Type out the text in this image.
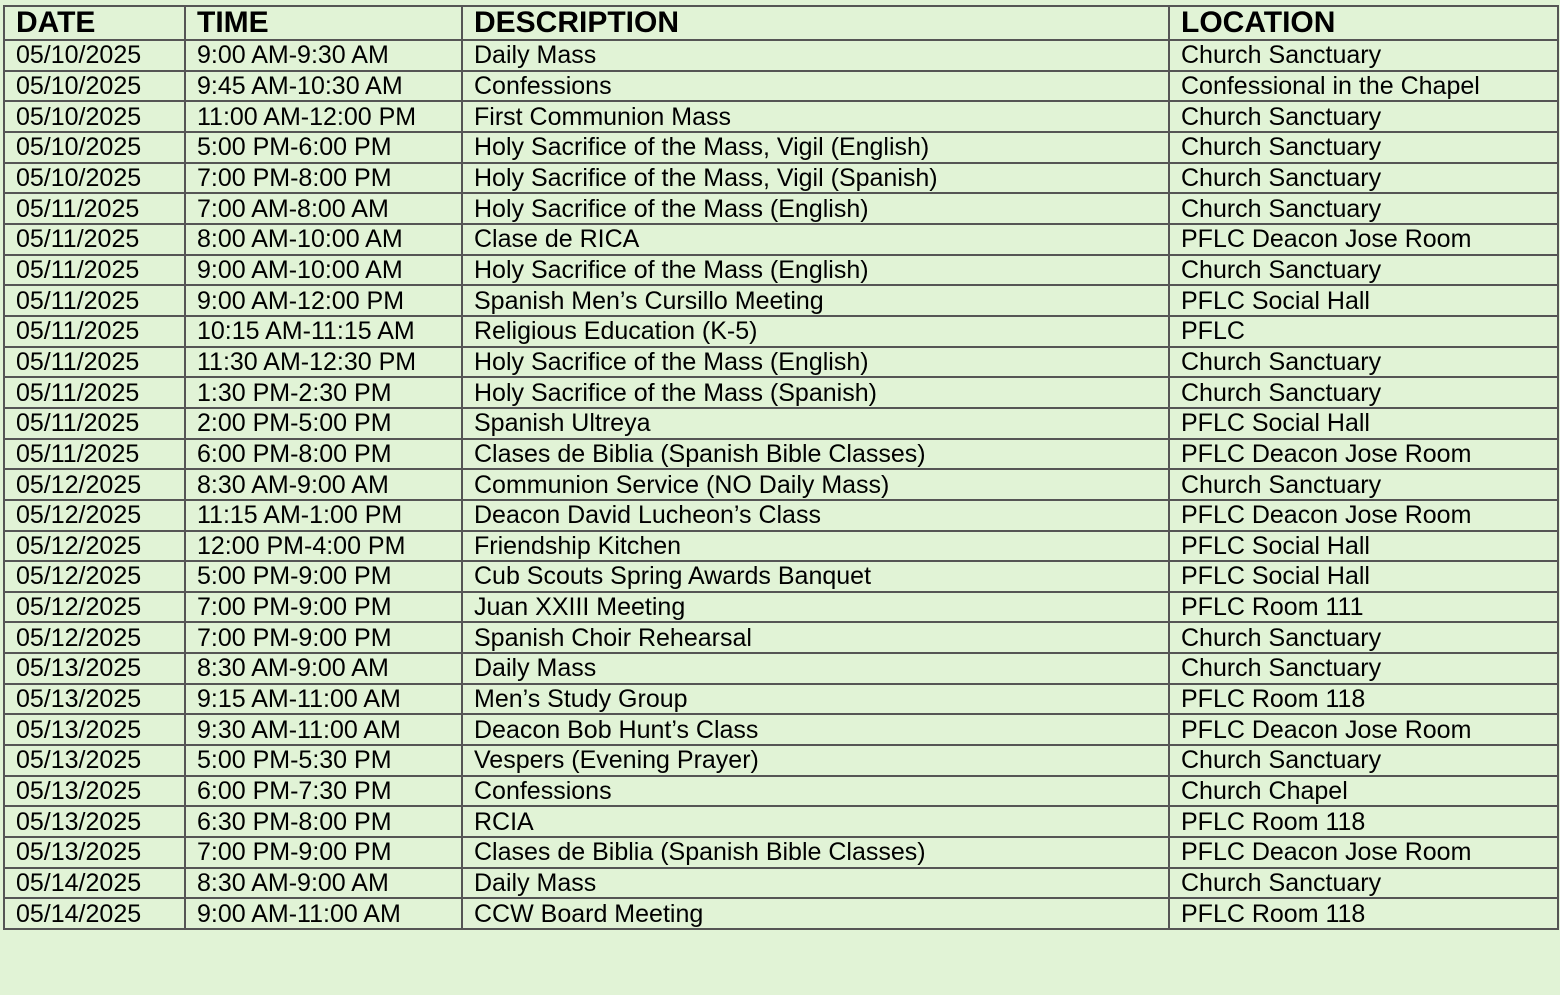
DATE	TIME	DESCRIPTION	LOCATION
05/10/2025	9:00 AM-9:30 AM	Daily Mass	Church Sanctuary
05/10/2025	9:45 AM-10:30 AM	Confessions	Confessional in the Chapel
05/10/2025	11:00 AM-12:00 PM	First Communion Mass	Church Sanctuary
05/10/2025	5:00 PM-6:00 PM	Holy Sacrifice of the Mass, Vigil (English)	Church Sanctuary
05/10/2025	7:00 PM-8:00 PM	Holy Sacrifice of the Mass, Vigil (Spanish)	Church Sanctuary
05/11/2025	7:00 AM-8:00 AM	Holy Sacrifice of the Mass (English)	Church Sanctuary
05/11/2025	8:00 AM-10:00 AM	Clase de RICA	PFLC Deacon Jose Room
05/11/2025	9:00 AM-10:00 AM	Holy Sacrifice of the Mass (English)	Church Sanctuary
05/11/2025	9:00 AM-12:00 PM	Spanish Men’s Cursillo Meeting	PFLC Social Hall
05/11/2025	10:15 AM-11:15 AM	Religious Education (K-5)	PFLC
05/11/2025	11:30 AM-12:30 PM	Holy Sacrifice of the Mass (English)	Church Sanctuary
05/11/2025	1:30 PM-2:30 PM	Holy Sacrifice of the Mass (Spanish)	Church Sanctuary
05/11/2025	2:00 PM-5:00 PM	Spanish Ultreya	PFLC Social Hall
05/11/2025	6:00 PM-8:00 PM	Clases de Biblia (Spanish Bible Classes)	PFLC Deacon Jose Room
05/12/2025	8:30 AM-9:00 AM	Communion Service (NO Daily Mass)	Church Sanctuary
05/12/2025	11:15 AM-1:00 PM	Deacon David Lucheon’s Class	PFLC Deacon Jose Room
05/12/2025	12:00 PM-4:00 PM	Friendship Kitchen	PFLC Social Hall
05/12/2025	5:00 PM-9:00 PM	Cub Scouts Spring Awards Banquet	PFLC Social Hall
05/12/2025	7:00 PM-9:00 PM	Juan XXIII Meeting	PFLC Room 111
05/12/2025	7:00 PM-9:00 PM	Spanish Choir Rehearsal	Church Sanctuary
05/13/2025	8:30 AM-9:00 AM	Daily Mass	Church Sanctuary
05/13/2025	9:15 AM-11:00 AM	Men’s Study Group	PFLC Room 118
05/13/2025	9:30 AM-11:00 AM	Deacon Bob Hunt’s Class	PFLC Deacon Jose Room
05/13/2025	5:00 PM-5:30 PM	Vespers (Evening Prayer)	Church Sanctuary
05/13/2025	6:00 PM-7:30 PM	Confessions	Church Chapel
05/13/2025	6:30 PM-8:00 PM	RCIA	PFLC Room 118
05/13/2025	7:00 PM-9:00 PM	Clases de Biblia (Spanish Bible Classes)	PFLC Deacon Jose Room
05/14/2025	8:30 AM-9:00 AM	Daily Mass	Church Sanctuary
05/14/2025	9:00 AM-11:00 AM	CCW Board Meeting	PFLC Room 118
